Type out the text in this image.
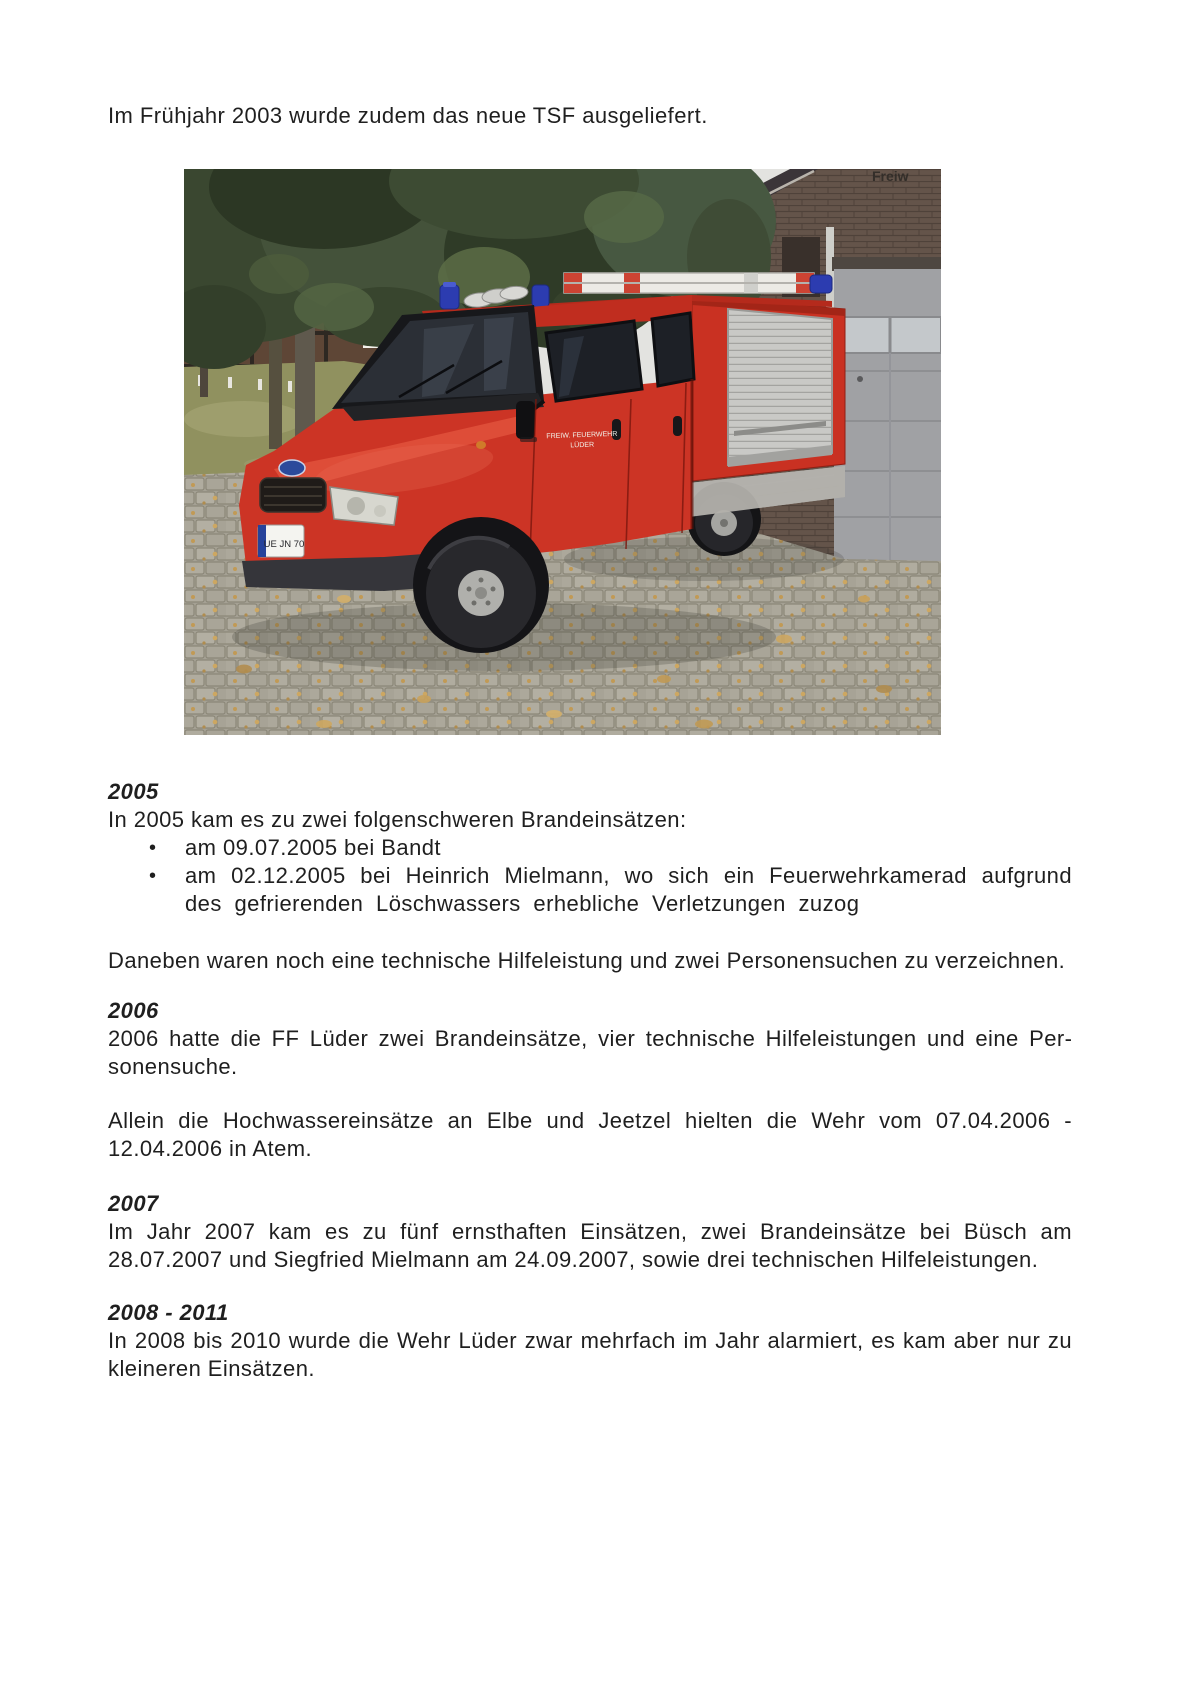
Im Frühjahr 2003 wurde zudem das neue TSF ausgeliefert.

Freiw
FREIW. FEUERWEHR
LÜDER
UE JN 70
2005

In 2005 kam es zu zwei folgenschweren Brandeinsätzen:

• am 09.07.2005 bei Bandt
• am 02.12.2005 bei Heinrich Mielmann, wo sich ein Feuerwehrkamerad aufgrund des gefrierenden Löschwassers erhebliche Verletzungen zuzog

Daneben waren noch eine technische Hilfeleistung und zwei Personensuchen zu verzeichnen.

2006

2006 hatte die FF Lüder zwei Brandeinsätze, vier technische Hilfeleistungen und eine Personensuche.

Allein die Hochwassereinsätze an Elbe und Jeetzel hielten die Wehr vom 07.04.2006 - 12.04.2006 in Atem.

2007

Im Jahr 2007 kam es zu fünf ernsthaften Einsätzen, zwei Brandeinsätze bei Büsch am 28.07.2007 und Siegfried Mielmann am 24.09.2007, sowie drei technischen Hilfeleistungen.

2008 - 2011

In 2008 bis 2010 wurde die Wehr Lüder zwar mehrfach im Jahr alarmiert, es kam aber nur zu kleineren Einsätzen.
